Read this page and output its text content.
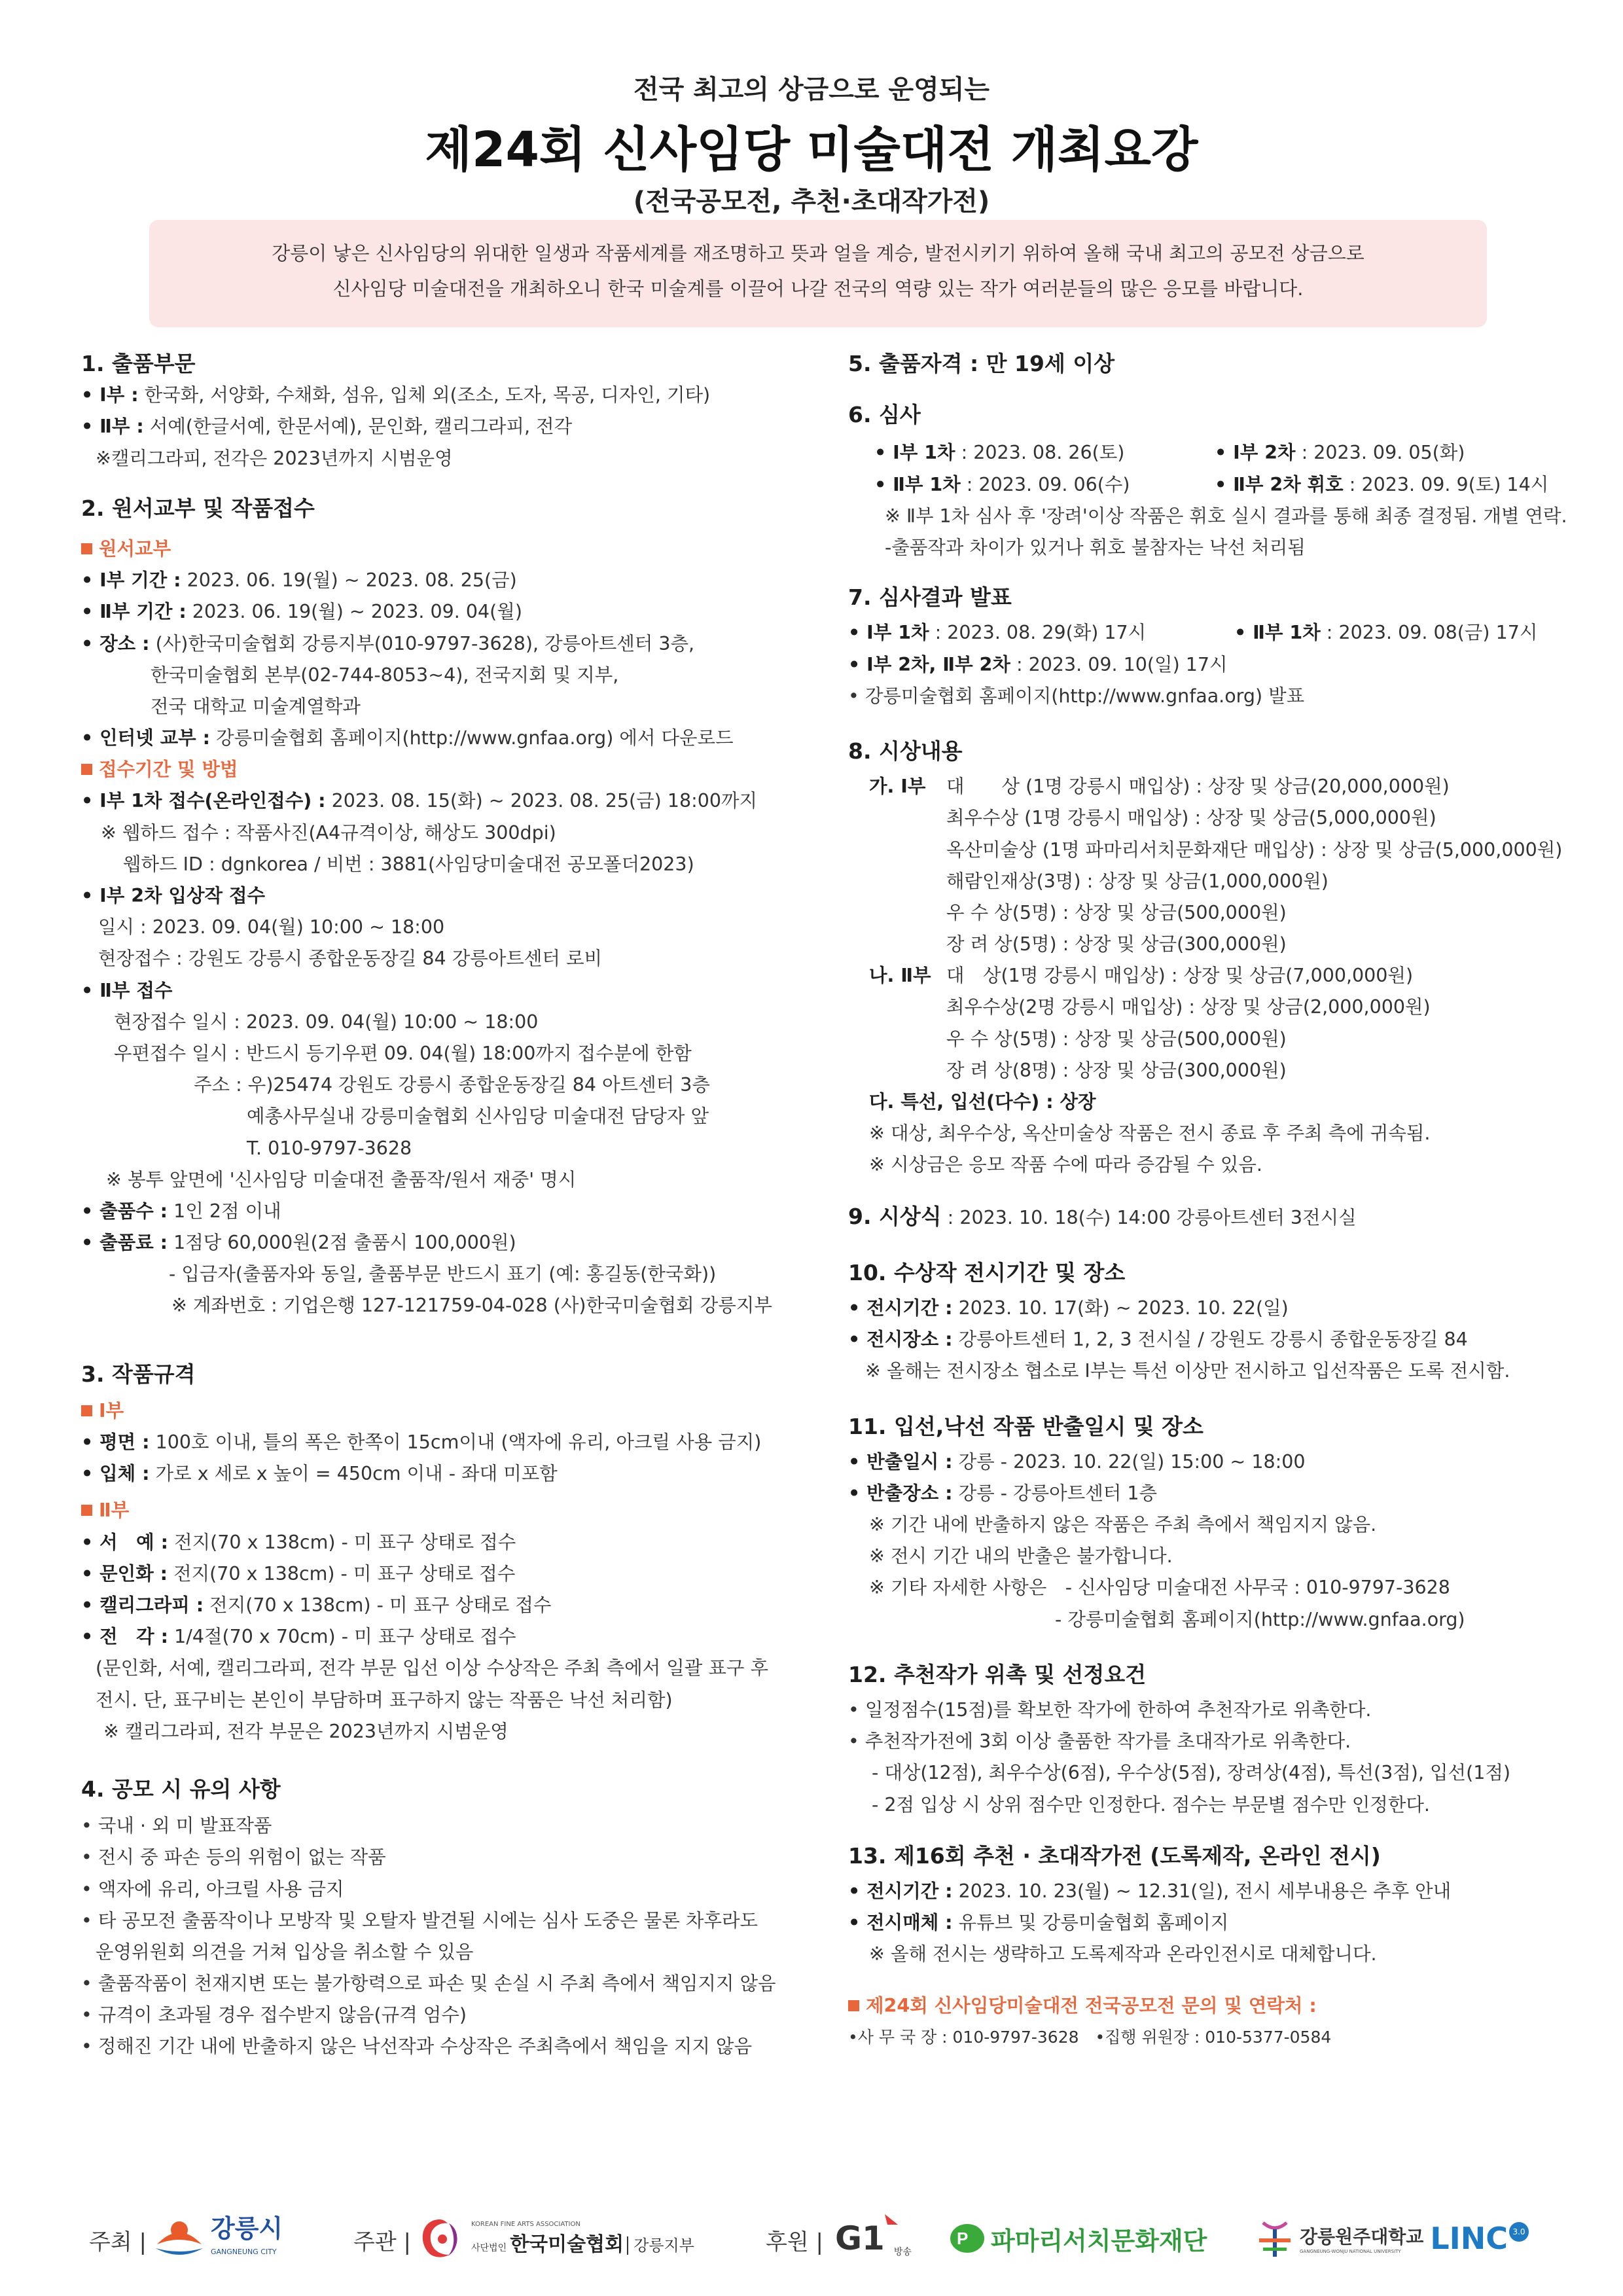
전국 최고의 상금으로 운영되는
제24회 신사임당 미술대전 개최요강
(전국공모전, 추천·초대작가전)
강릉이 낳은 신사임당의 위대한 일생과 작품세계를 재조명하고 뜻과 얼을 계승, 발전시키기 위하여 올해 국내 최고의 공모전 상금으로
신사임당 미술대전을 개최하오니 한국 미술계를 이끌어 나갈 전국의 역량 있는 작가 여러분들의 많은 응모를 바랍니다.
1. 출품부문
• Ⅰ부 : 한국화, 서양화, 수채화, 섬유, 입체 외(조소, 도자, 목공, 디자인, 기타)
• Ⅱ부 : 서예(한글서예, 한문서예), 문인화, 캘리그라피, 전각
※캘리그라피, 전각은 2023년까지 시범운영
2. 원서교부 및 작품접수
원서교부
• Ⅰ부 기간 : 2023. 06. 19(월) ~ 2023. 08. 25(금)
• Ⅱ부 기간 : 2023. 06. 19(월) ~ 2023. 09. 04(월)
• 장소 : (사)한국미술협회 강릉지부(010-9797-3628), 강릉아트센터 3층,
한국미술협회 본부(02-744-8053~4), 전국지회 및 지부,
전국 대학교 미술계열학과
• 인터넷 교부 : 강릉미술협회 홈페이지(http://www.gnfaa.org) 에서 다운로드
접수기간 및 방법
• Ⅰ부 1차 접수(온라인접수) : 2023. 08. 15(화) ~ 2023. 08. 25(금) 18:00까지
※ 웹하드 접수 : 작품사진(A4규격이상, 해상도 300dpi)
웹하드 ID : dgnkorea / 비번 : 3881(사임당미술대전 공모폴더2023)
• Ⅰ부 2차 입상작 접수
일시 : 2023. 09. 04(월) 10:00 ~ 18:00
현장접수 : 강원도 강릉시 종합운동장길 84 강릉아트센터 로비
• Ⅱ부 접수
현장접수 일시 : 2023. 09. 04(월) 10:00 ~ 18:00
우편접수 일시 : 반드시 등기우편 09. 04(월) 18:00까지 접수분에 한함
주소 : 우)25474 강원도 강릉시 종합운동장길 84 아트센터 3층
예총사무실내 강릉미술협회 신사임당 미술대전 담당자 앞
T. 010-9797-3628
※ 봉투 앞면에 '신사임당 미술대전 출품작/원서 재중' 명시
• 출품수 : 1인 2점 이내
• 출품료 : 1점당 60,000원(2점 출품시 100,000원)
- 입금자(출품자와 동일, 출품부문 반드시 표기 (예: 홍길동(한국화))
※ 계좌번호 : 기업은행 127-121759-04-028 (사)한국미술협회 강릉지부
3. 작품규격
Ⅰ부
• 평면 : 100호 이내, 틀의 폭은 한쪽이 15cm이내 (액자에 유리, 아크릴 사용 금지)
• 입체 : 가로 x 세로 x 높이 = 450cm 이내 - 좌대 미포함
Ⅱ부
• 서　예 : 전지(70 x 138cm) - 미 표구 상태로 접수
• 문인화 : 전지(70 x 138cm) - 미 표구 상태로 접수
• 캘리그라피 : 전지(70 x 138cm) - 미 표구 상태로 접수
• 전　각 : 1/4절(70 x 70cm) - 미 표구 상태로 접수
(문인화, 서예, 캘리그라피, 전각 부문 입선 이상 수상작은 주최 측에서 일괄 표구 후
전시. 단, 표구비는 본인이 부담하며 표구하지 않는 작품은 낙선 처리함)
※ 캘리그라피, 전각 부문은 2023년까지 시범운영
4. 공모 시 유의 사항
• 국내 · 외 미 발표작품
• 전시 중 파손 등의 위험이 없는 작품
• 액자에 유리, 아크릴 사용 금지
• 타 공모전 출품작이나 모방작 및 오탈자 발견될 시에는 심사 도중은 물론 차후라도
운영위원회 의견을 거쳐 입상을 취소할 수 있음
• 출품작품이 천재지변 또는 불가항력으로 파손 및 손실 시 주최 측에서 책임지지 않음
• 규격이 초과될 경우 접수받지 않음(규격 엄수)
• 정해진 기간 내에 반출하지 않은 낙선작과 수상작은 주최측에서 책임을 지지 않음
5. 출품자격 : 만 19세 이상
6. 심사
• Ⅰ부 1차 : 2023. 08. 26(토)	• Ⅰ부 2차 : 2023. 09. 05(화)
• Ⅱ부 1차 : 2023. 09. 06(수)	• Ⅱ부 2차 휘호 : 2023. 09. 9(토) 14시
※ Ⅱ부 1차 심사 후 '장려'이상 작품은 휘호 실시 결과를 통해 최종 결정됨. 개별 연락.
-출품작과 차이가 있거나 휘호 불참자는 낙선 처리됨
7. 심사결과 발표
• Ⅰ부 1차 : 2023. 08. 29(화) 17시	• Ⅱ부 1차 : 2023. 09. 08(금) 17시
• Ⅰ부 2차, Ⅱ부 2차 : 2023. 09. 10(일) 17시
• 강릉미술협회 홈페이지(http://www.gnfaa.org) 발표
8. 시상내용
가. Ⅰ부 대　　상 (1명 강릉시 매입상) : 상장 및 상금(20,000,000원)
최우수상 (1명 강릉시 매입상) : 상장 및 상금(5,000,000원)
옥산미술상 (1명 파마리서치문화재단 매입상) : 상장 및 상금(5,000,000원)
해람인재상(3명) : 상장 및 상금(1,000,000원)
우 수 상(5명) : 상장 및 상금(500,000원)
장 려 상(5명) : 상장 및 상금(300,000원)
나. Ⅱ부 대　상(1명 강릉시 매입상) : 상장 및 상금(7,000,000원)
최우수상(2명 강릉시 매입상) : 상장 및 상금(2,000,000원)
우 수 상(5명) : 상장 및 상금(500,000원)
장 려 상(8명) : 상장 및 상금(300,000원)
다. 특선, 입선(다수) : 상장
※ 대상, 최우수상, 옥산미술상 작품은 전시 종료 후 주최 측에 귀속됨.
※ 시상금은 응모 작품 수에 따라 증감될 수 있음.
9. 시상식 : 2023. 10. 18(수) 14:00 강릉아트센터 3전시실
10. 수상작 전시기간 및 장소
• 전시기간 : 2023. 10. 17(화) ~ 2023. 10. 22(일)
• 전시장소 : 강릉아트센터 1, 2, 3 전시실 / 강원도 강릉시 종합운동장길 84
※ 올해는 전시장소 협소로 Ⅰ부는 특선 이상만 전시하고 입선작품은 도록 전시함.
11. 입선,낙선 작품 반출일시 및 장소
• 반출일시 : 강릉 - 2023. 10. 22(일) 15:00 ~ 18:00
• 반출장소 : 강릉 - 강릉아트센터 1층
※ 기간 내에 반출하지 않은 작품은 주최 측에서 책임지지 않음.
※ 전시 기간 내의 반출은 불가합니다.
※ 기타 자세한 사항은　- 신사임당 미술대전 사무국 : 010-9797-3628
- 강릉미술협회 홈페이지(http://www.gnfaa.org)
12. 추천작가 위촉 및 선정요건
• 일정점수(15점)를 확보한 작가에 한하여 추천작가로 위촉한다.
• 추천작가전에 3회 이상 출품한 작가를 초대작가로 위촉한다.
- 대상(12점), 최우수상(6점), 우수상(5점), 장려상(4점), 특선(3점), 입선(1점)
- 2점 입상 시 상위 점수만 인정한다. 점수는 부문별 점수만 인정한다.
13. 제16회 추천 · 초대작가전 (도록제작, 온라인 전시)
• 전시기간 : 2023. 10. 23(월) ~ 12.31(일), 전시 세부내용은 추후 안내
• 전시매체 : 유튜브 및 강릉미술협회 홈페이지
※ 올해 전시는 생략하고 도록제작과 온라인전시로 대체합니다.
제24회 신사임당미술대전 전국공모전 문의 및 연락처 :
•사 무 국 장 : 010-9797-3628　•집행 위원장 : 010-5377-0584
주최 |	강릉시
GANGNEUNG CITY	주관 |
KOREAN FINE ARTS ASSOCIATION
사단법인 한국미술협회 강릉지부	후원 | G1 방송
P 파마리서치문화재단	강릉원주대학교
GANGNEUNG-WONJU NATIONAL UNIVERSITY LINC 3.0
